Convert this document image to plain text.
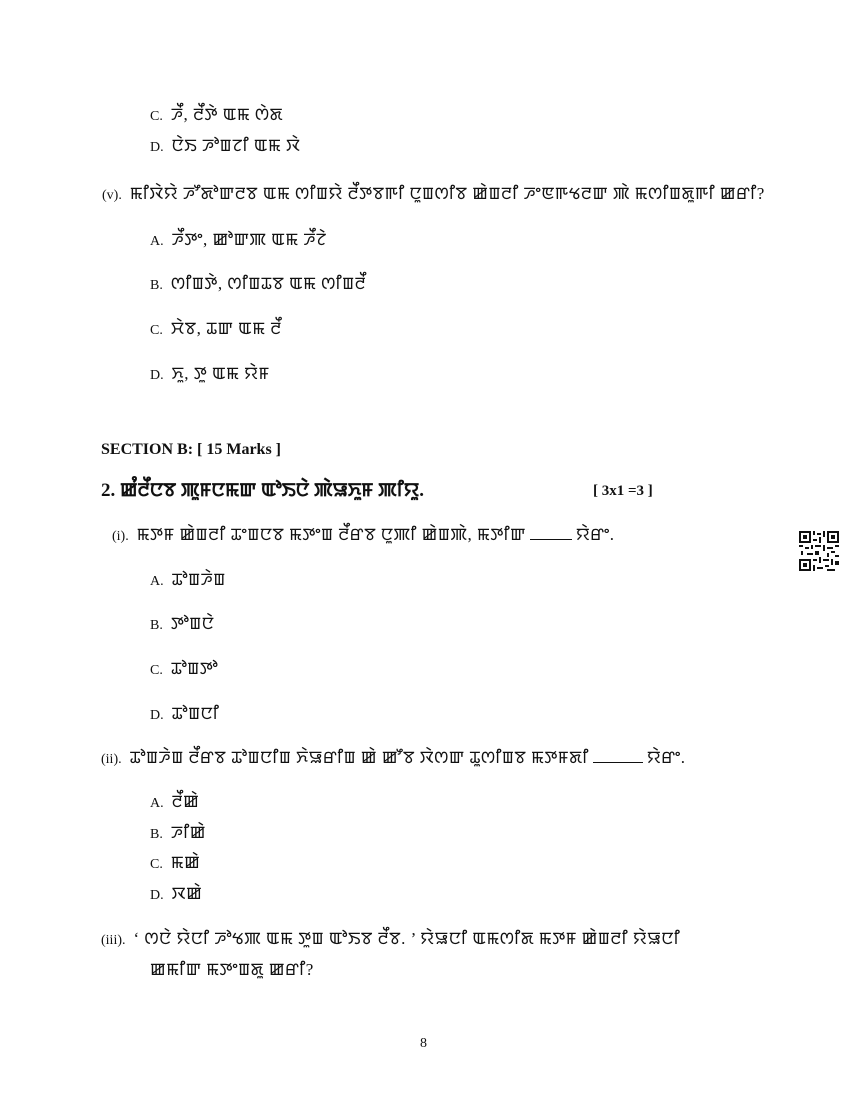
C. ꯍꯩ, ꯂꯩꯇꯥ ꯑꯃ ꯁꯥꯗ
D. ꯅꯥꯏ ꯍꯣꯡꯖꯤ ꯑꯃ ꯋꯥ
(v). ꯃꯤꯋꯥꯌꯥ ꯍꯧꯗꯣꯛꯂꯕ ꯑꯃ ꯁꯤꯡꯌꯥ ꯂꯩꯇꯕꯒꯤ ꯅꯨꯡꯁꯤꯕ ꯀꯥꯡꯂꯤ ꯍꯦꯟꯒꯠꯂꯛ ꯄꯥ ꯃꯁꯤꯡꯗꯨꯒꯤ ꯀꯔꯤ?
A. ꯍꯩꯇꯦ, ꯀꯣꯛꯄ ꯑꯃ ꯍꯩꯖꯥ
B. ꯁꯤꯡꯇꯥ, ꯁꯤꯡꯊꯕ ꯑꯃ ꯁꯤꯡꯂꯩ
C. ꯆꯥꯕ, ꯊꯛ ꯑꯃ ꯂꯩ
D. ꯈꯨ, ꯇꯨ ꯑꯃ ꯌꯥꯝ
SECTION B: [ 15 Marks ]
2. ꯀꯪꯂꯩꯅꯕ ꯄꯨꯝꯅꯃꯛ ꯑꯣꯏꯅꯥ ꯄꯥꯎꯈꯨꯝ ꯄꯤꯌꯨ.	[ 3x1 =3 ]
(i). ꯃꯇꯝ ꯀꯥꯡꯂꯤ ꯊꯦꯡꯅꯕ ꯃꯇꯦꯡ ꯂꯩꯔꯕ ꯅꯨꯄꯤ ꯀꯥꯡꯄꯥ, ꯃꯇꯤꯛ	ꯌꯥꯔꯦ.
A. ꯊꯣꯡꯍꯥꯡ
B. ꯇꯣꯡꯅꯥ
C. ꯊꯣꯡꯇꯣ
D. ꯊꯣꯡꯅꯤ
(ii). ꯊꯣꯡꯍꯥꯡ ꯂꯩꯔꯕ ꯊꯣꯡꯅꯤꯡ ꯈꯥꯎꯔꯤꯡ ꯀꯥ ꯀꯧꯕ ꯋꯥꯁꯛ ꯊꯨꯁꯤꯡꯕ ꯃꯇꯝꯗꯤ	ꯌꯥꯔꯦ.
A. ꯂꯩꯀꯥ
B. ꯍꯤꯀꯥ
C. ꯃꯀꯥ
D. ꯋꯀꯥ
(iii). ‘ ꯁꯅꯥ ꯌꯥꯅꯤ ꯍꯣꯠꯄ ꯑꯃ ꯇꯨꯡ ꯑꯣꯏꯕ ꯂꯩꯕ. ’ ꯌꯥꯎꯅꯤ ꯑꯃꯁꯤꯗ ꯃꯇꯝ ꯀꯥꯡꯂꯤ ꯌꯥꯎꯅꯤ
ꯀꯃꯤꯛ ꯃꯇꯦꯡꯗꯨ ꯀꯔꯤ?
8
